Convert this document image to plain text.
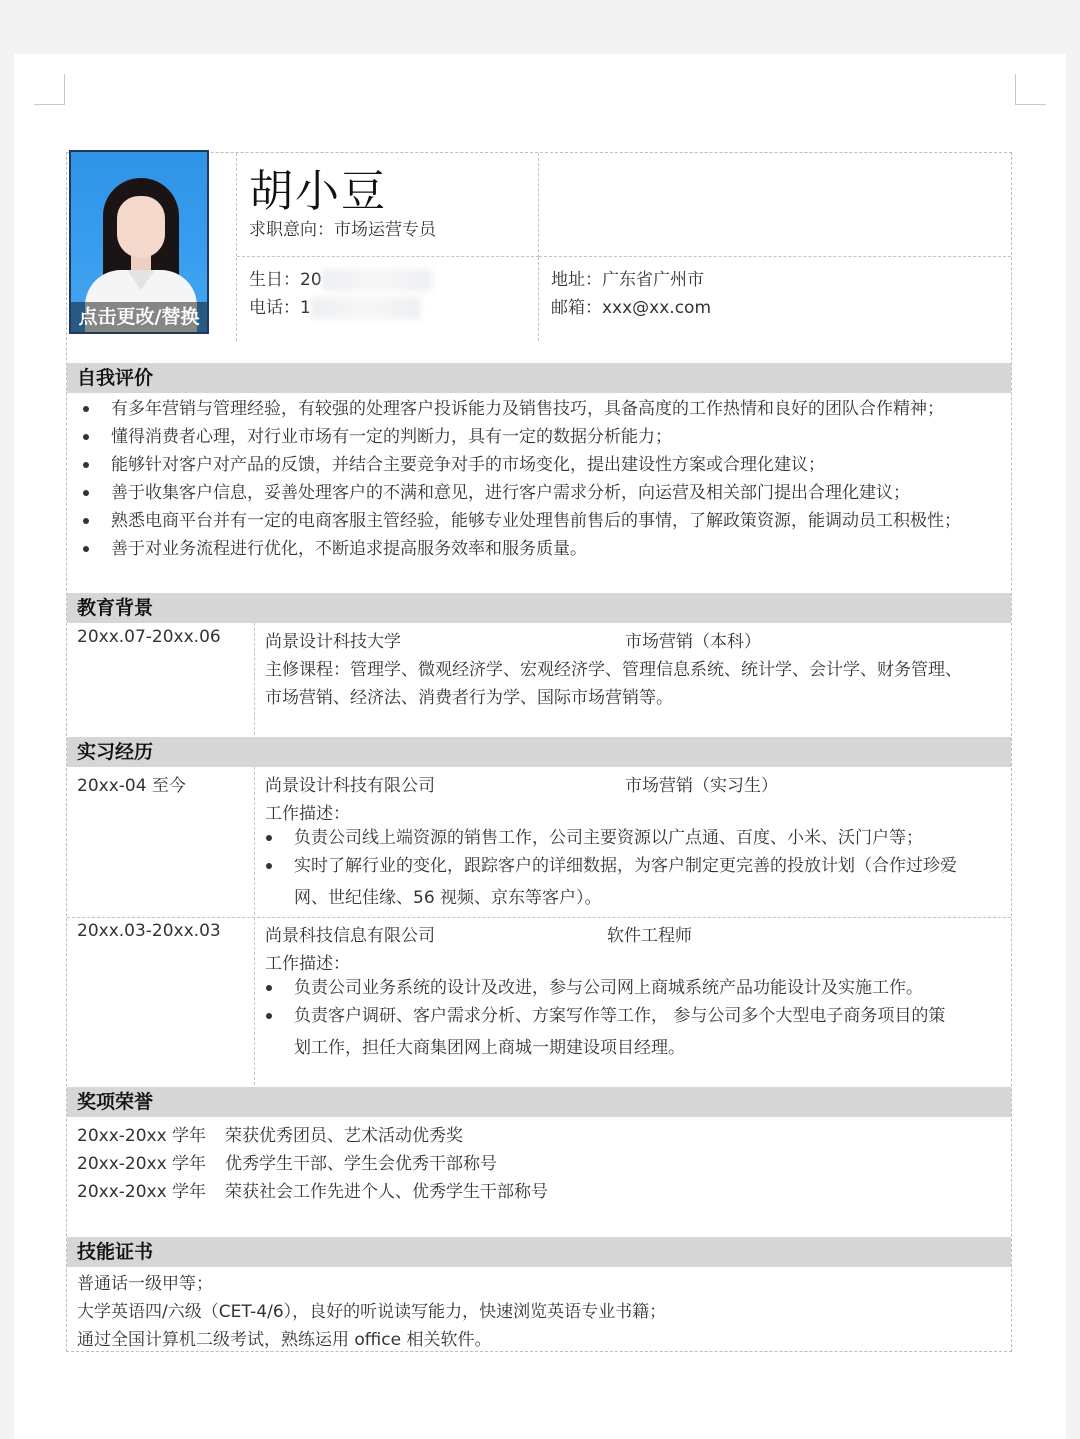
点击更改/替换
胡小豆
求职意向：市场运营专员
生日：20
电话：1
地址：广东省广州市
邮箱：xxx@xx.com
自我评价
有多年营销与管理经验，有较强的处理客户投诉能力及销售技巧，具备高度的工作热情和良好的团队合作精神；
懂得消费者心理，对行业市场有一定的判断力，具有一定的数据分析能力；
能够针对客户对产品的反馈，并结合主要竞争对手的市场变化，提出建设性方案或合理化建议；
善于收集客户信息，妥善处理客户的不满和意见，进行客户需求分析，向运营及相关部门提出合理化建议；
熟悉电商平台并有一定的电商客服主管经验，能够专业处理售前售后的事情，了解政策资源，能调动员工积极性；
善于对业务流程进行优化，不断追求提高服务效率和服务质量。
教育背景
20xx.07-20xx.06	尚景设计科技大学	市场营销（本科）
主修课程：管理学、微观经济学、宏观经济学、管理信息系统、统计学、会计学、财务管理、
市场营销、经济法、消费者行为学、国际市场营销等。
实习经历
20xx-04 至今	尚景设计科技有限公司	市场营销（实习生）
工作描述：
负责公司线上端资源的销售工作，公司主要资源以广点通、百度、小米、沃门户等；
实时了解行业的变化，跟踪客户的详细数据，为客户制定更完善的投放计划（合作过珍爱
网、世纪佳缘、56 视频、京东等客户）。
20xx.03-20xx.03	尚景科技信息有限公司	软件工程师
工作描述：
负责公司业务系统的设计及改进，参与公司网上商城系统产品功能设计及实施工作。
负责客户调研、客户需求分析、方案写作等工作， 参与公司多个大型电子商务项目的策
划工作，担任大商集团网上商城一期建设项目经理。
奖项荣誉
20xx-20xx 学年 荣获优秀团员、艺术活动优秀奖
20xx-20xx 学年 优秀学生干部、学生会优秀干部称号
20xx-20xx 学年 荣获社会工作先进个人、优秀学生干部称号
技能证书
普通话一级甲等；
大学英语四/六级（CET-4/6），良好的听说读写能力，快速浏览英语专业书籍；
通过全国计算机二级考试，熟练运用 office 相关软件。
